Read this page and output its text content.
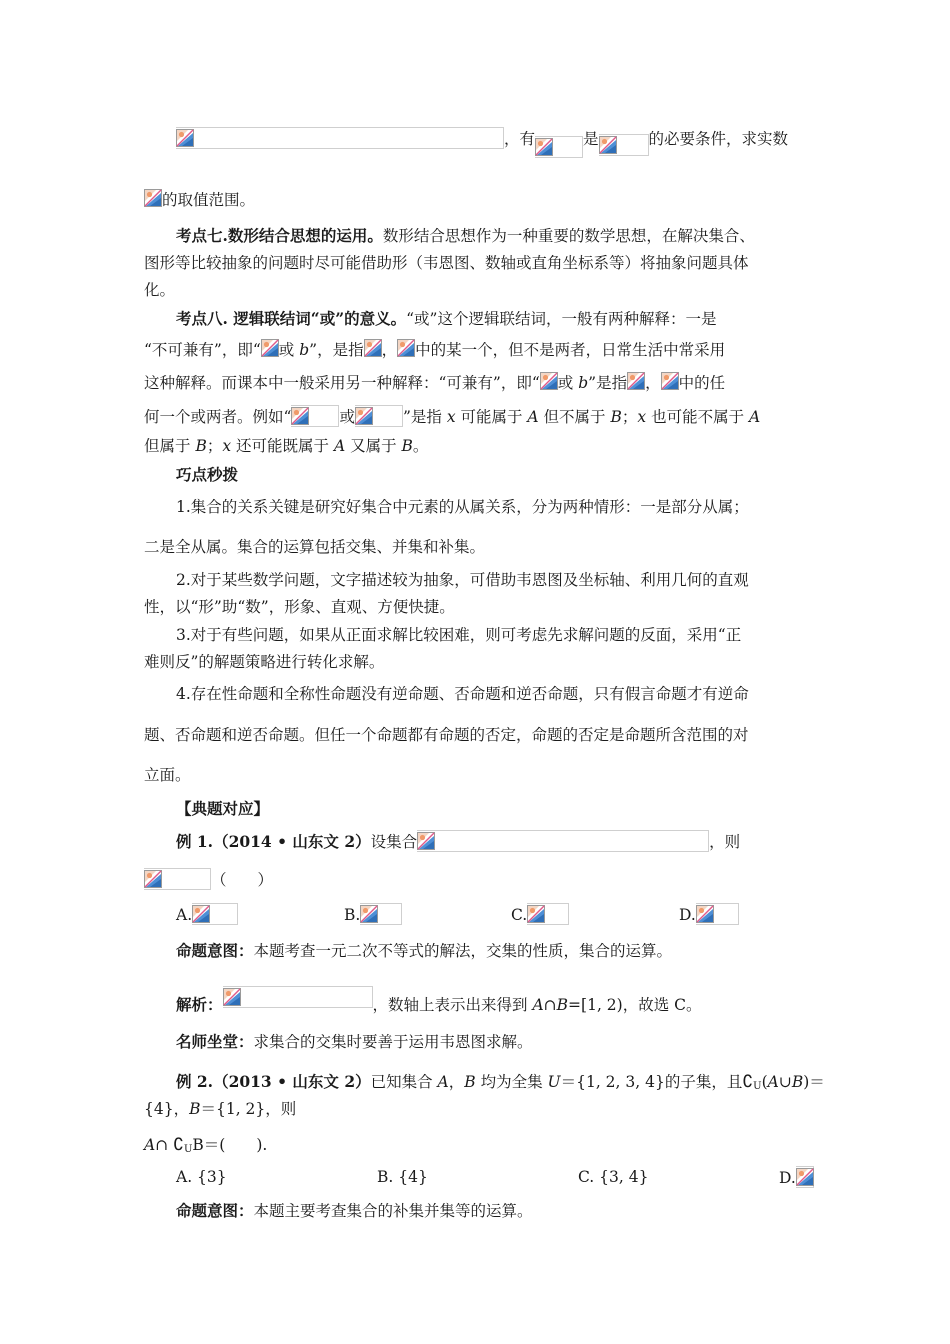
，有	是	的必要条件，求实数
的取值范围。
考点七.数形结合思想的运用。数形结合思想作为一种重要的数学思想，在解决集合、
图形等比较抽象的问题时尽可能借助形（韦恩图、数轴或直角坐标系等）将抽象问题具体
化。
考点八. 逻辑联结词“或”的意义。“或”这个逻辑联结词，一般有两种解释：一是
“不可兼有”，即“ 或 b”，是指 ， 中的某一个，但不是两者，日常生活中常采用
这种解释。而课本中一般采用另一种解释：“可兼有”，即“ 或 b”是指 ， 中的任
何一个或两者。例如“	或	”是指 x 可能属于 A 但不属于 B；x 也可能不属于 A
但属于 B；x 还可能既属于 A 又属于 B。
巧点秒拨
1.集合的关系关键是研究好集合中元素的从属关系，分为两种情形：一是部分从属；
二是全从属。集合的运算包括交集、并集和补集。
2.对于某些数学问题，文字描述较为抽象，可借助韦恩图及坐标轴、利用几何的直观
性，以“形”助“数”，形象、直观、方便快捷。
3.对于有些问题，如果从正面求解比较困难，则可考虑先求解问题的反面，采用“正
难则反”的解题策略进行转化求解。
4.存在性命题和全称性命题没有逆命题、否命题和逆否命题，只有假言命题才有逆命
题、否命题和逆否命题。但任一个命题都有命题的否定，命题的否定是命题所含范围的对
立面。
【典题对应】
例 1.（2014 • 山东文 2）设集合	，则
（　　）
A.	B.	C.	D.
命题意图：本题考查一元二次不等式的解法，交集的性质，集合的运算。
解析：	，数轴上表示出来得到 A∩B=[1, 2)，故选 C。
名师坐堂：求集合的交集时要善于运用韦恩图求解。
例 2.（2013 • 山东文 2）已知集合 A，B 均为全集 U＝{1, 2, 3, 4}的子集，且$∁_U(A\cup B)=$
{4}，B＝{1, 2}，则
A∩ $∁_UB=$(　　).
A. {3}	B. {4}	C. {3, 4}	D.
命题意图：本题主要考查集合的补集并集等的运算。
